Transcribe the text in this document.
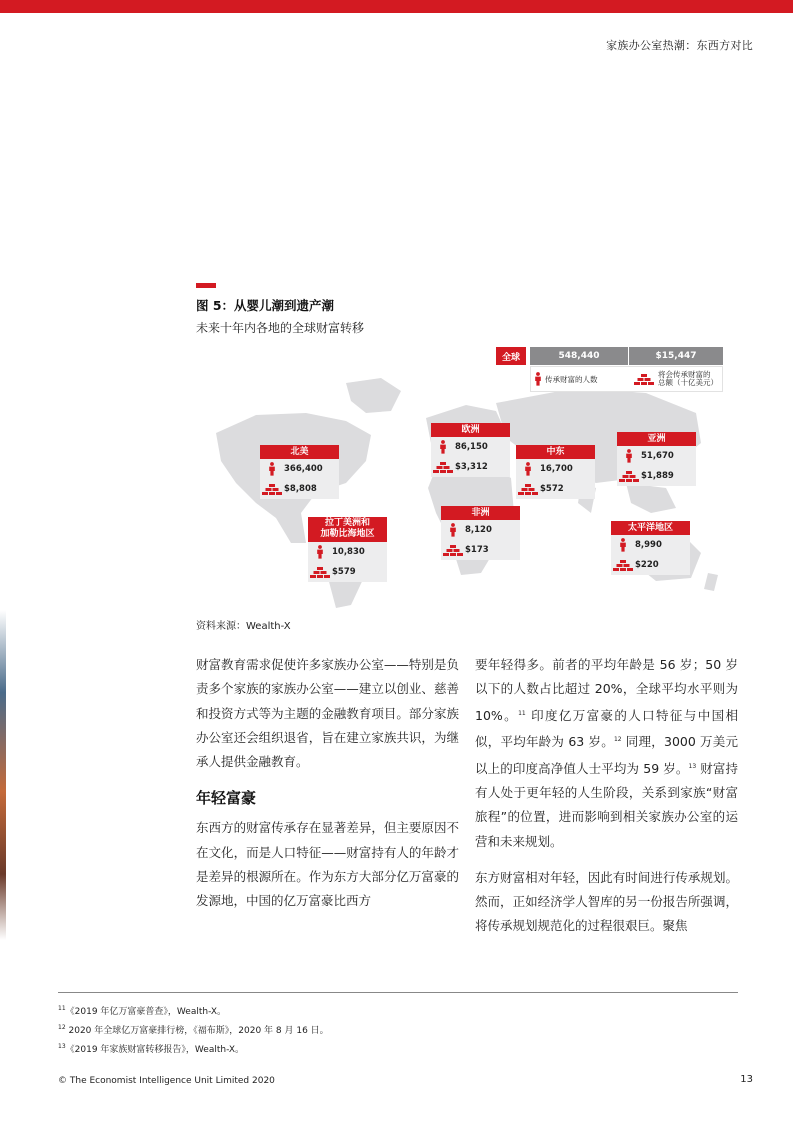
家族办公室热潮：东西方对比
图 5：从婴儿潮到遗产潮
未来十年内各地的全球财富转移
全球	548,440	$15,447
传承财富的人数	将会传承财富的
总额（十亿美元）
北美
366,400
$8,808
拉丁美洲和
加勒比海地区
10,830
$579
欧洲
86,150
$3,312
非洲
8,120
$173
中东
16,700
$572
亚洲
51,670
$1,889
太平洋地区
8,990
$220
资料来源：Wealth-X

财富教育需求促使许多家族办公室——特别是负责多个家族的家族办公室——建立以创业、慈善和投资方式等为主题的金融教育项目。部分家族办公室还会组织退省，旨在建立家族共识，为继承人提供金融教育。

年轻富豪

东西方的财富传承存在显著差异，但主要原因不在文化，而是人口特征——财富持有人的年龄才是差异的根源所在。作为东方大部分亿万富豪的发源地，中国的亿万富豪比西方

要年轻得多。前者的平均年龄是 56 岁；50 岁以下的人数占比超过 20%，全球平均水平则为 10%。$^{11}$ 印度亿万富豪的人口特征与中国相似，平均年龄为 63 岁。$^{12}$ 同理，3000 万美元以上的印度高净值人士平均为 59 岁。$^{13}$ 财富持有人处于更年轻的人生阶段，关系到家族“财富旅程”的位置，进而影响到相关家族办公室的运营和未来规划。

东方财富相对年轻，因此有时间进行传承规划。然而，正如经济学人智库的另一份报告所强调，将传承规划规范化的过程很艰巨。聚焦

$^{11}$《2019 年亿万富豪普查》，Wealth-X。
$^{12}$ 2020 年全球亿万富豪排行榜，《福布斯》，2020 年 8 月 16 日。
$^{13}$《2019 年家族财富转移报告》，Wealth-X。
© The Economist Intelligence Unit Limited 2020	13
